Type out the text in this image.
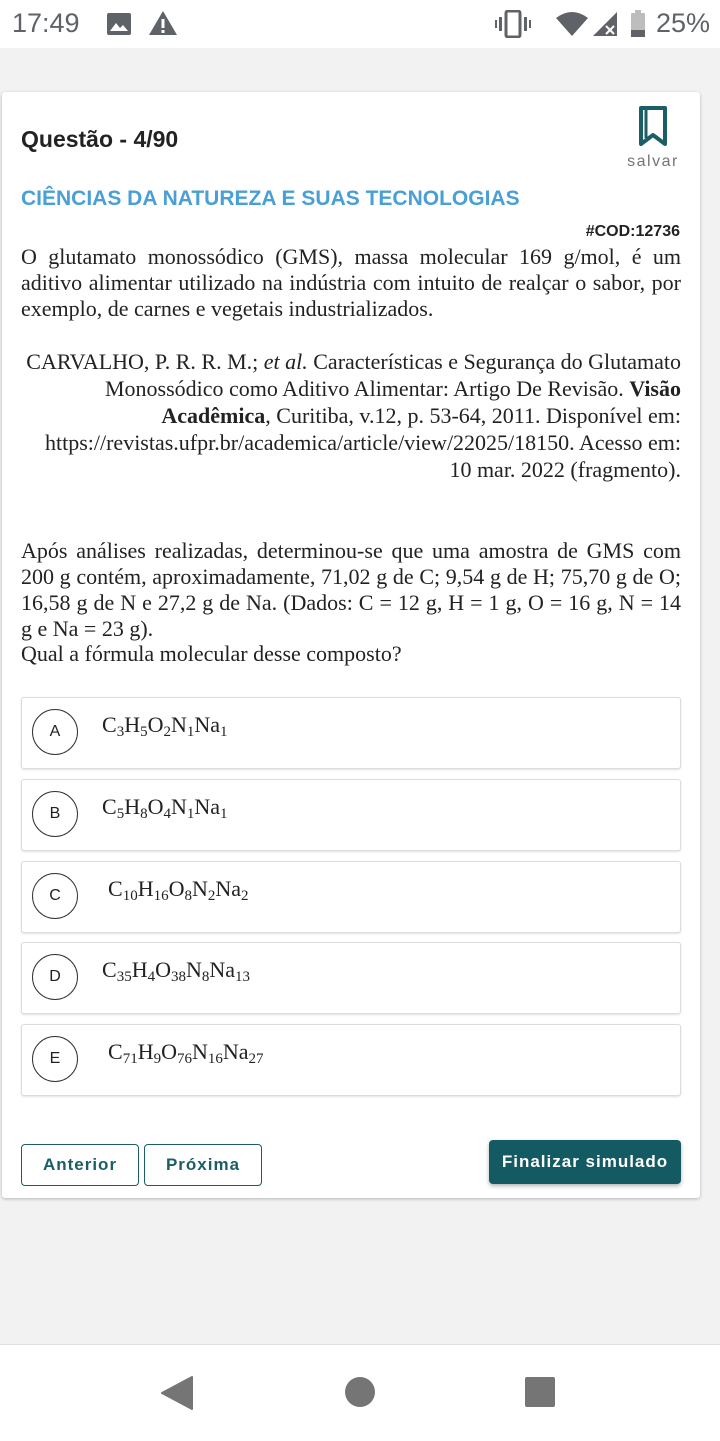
17:49	25%
Questão - 4/90
salvar
CIÊNCIAS DA NATUREZA E SUAS TECNOLOGIAS
#COD:12736

O glutamato monossódico (GMS), massa molecular 169 g/mol, é um aditivo alimentar utilizado na indústria com intuito de realçar o sabor, por exemplo, de carnes e vegetais industrializados.

CARVALHO, P. R. R. M.; et al. Características e Segurança do Glutamato Monossódico como Aditivo Alimentar: Artigo De Revisão. Visão Acadêmica, Curitiba, v.12, p. 53-64, 2011. Disponível em: https://revistas.ufpr.br/academica/article/view/22025/18150. Acesso em: 10 mar. 2022 (fragmento).

Após análises realizadas, determinou-se que uma amostra de GMS com 200 g contém, aproximadamente, 71,02 g de C; 9,54 g de H; 75,70 g de O; 16,58 g de N e 27,2 g de Na. (Dados: C = 12 g, H = 1 g, O = 16 g, N = 14 g e Na = 23 g).

Qual a fórmula molecular desse composto?

A	$C_3H_5O_2N_1Na_1$
B	$C_5H_8O_4N_1Na_1$
C	$C_{10}H_{16}O_8N_2Na_2$
D	$C_{35}H_4O_{38}N_8Na_{13}$
E	$C_{71}H_9O_{76}N_{16}Na_{27}$
Anterior	Próxima	Finalizar simulado
